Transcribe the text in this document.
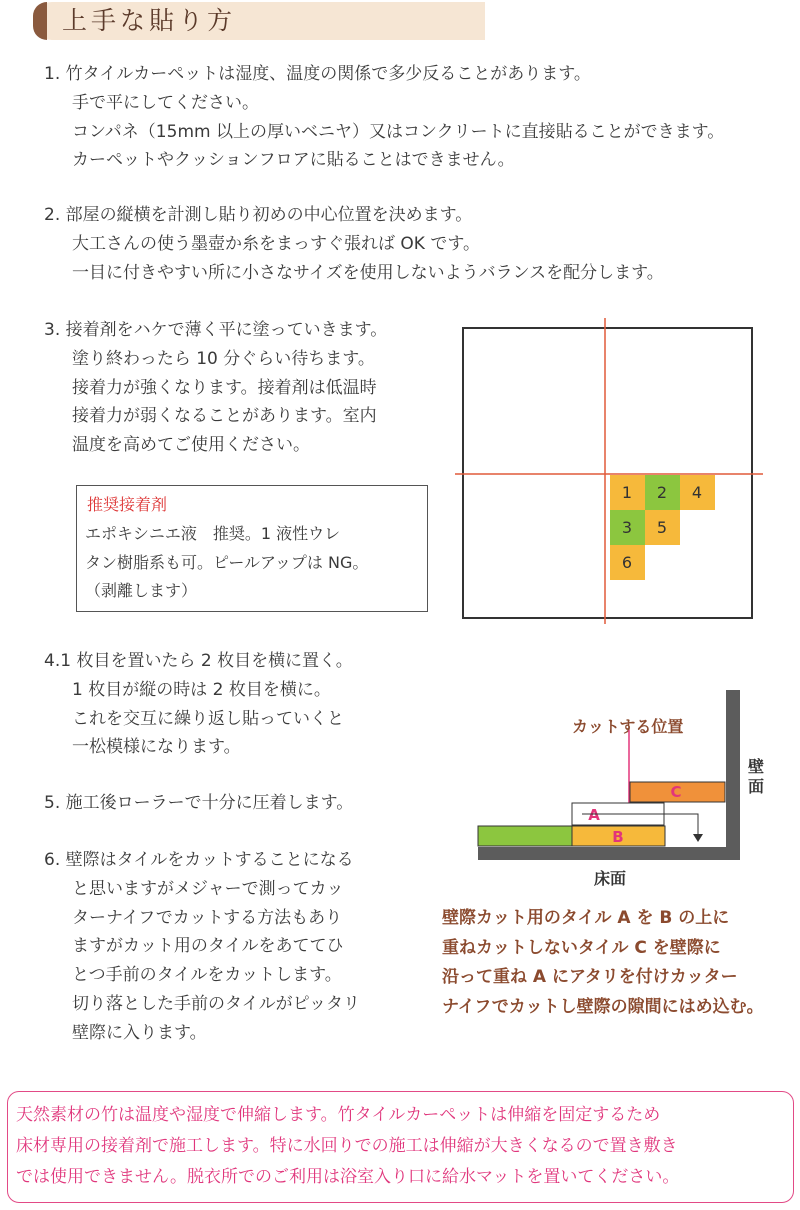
上手な貼り方
1. 竹タイルカーペットは湿度、温度の関係で多少反ることがあります。
手で平にしてください。
コンパネ（15mm 以上の厚いベニヤ）又はコンクリートに直接貼ることができます。
カーペットやクッションフロアに貼ることはできません。
2. 部屋の縦横を計測し貼り初めの中心位置を決めます。
大工さんの使う墨壺か糸をまっすぐ張れば OK です。
一目に付きやすい所に小さなサイズを使用しないようバランスを配分します。
3. 接着剤をハケで薄く平に塗っていきます。
塗り終わったら 10 分ぐらい待ちます。
接着力が強くなります。接着剤は低温時
接着力が弱くなることがあります。室内
温度を高めてご使用ください。
推奨接着剤
エポキシニエ液　推奨。1 液性ウレ
タン樹脂系も可。ピールアップは NG。
（剥離します）
1 2 4
3 5
6
4.1 枚目を置いたら 2 枚目を横に置く。
1 枚目が縦の時は 2 枚目を横に。
これを交互に繰り返し貼っていくと
一松模様になります。
5. 施工後ローラーで十分に圧着します。
6. 壁際はタイルをカットすることになる
と思いますがメジャーで測ってカッ
ターナイフでカットする方法もあり
ますがカット用のタイルをあててひ
とつ手前のタイルをカットします。
切り落とした手前のタイルがピッタリ
壁際に入ります。
カットする位置
C
A
B
壁面
床面
壁際カット用のタイル A を B の上に
重ねカットしないタイル C を壁際に
沿って重ね A にアタリを付けカッター
ナイフでカットし壁際の隙間にはめ込む。
天然素材の竹は温度や湿度で伸縮します。竹タイルカーペットは伸縮を固定するため
床材専用の接着剤で施工します。特に水回りでの施工は伸縮が大きくなるので置き敷き
では使用できません。脱衣所でのご利用は浴室入り口に給水マットを置いてください。
